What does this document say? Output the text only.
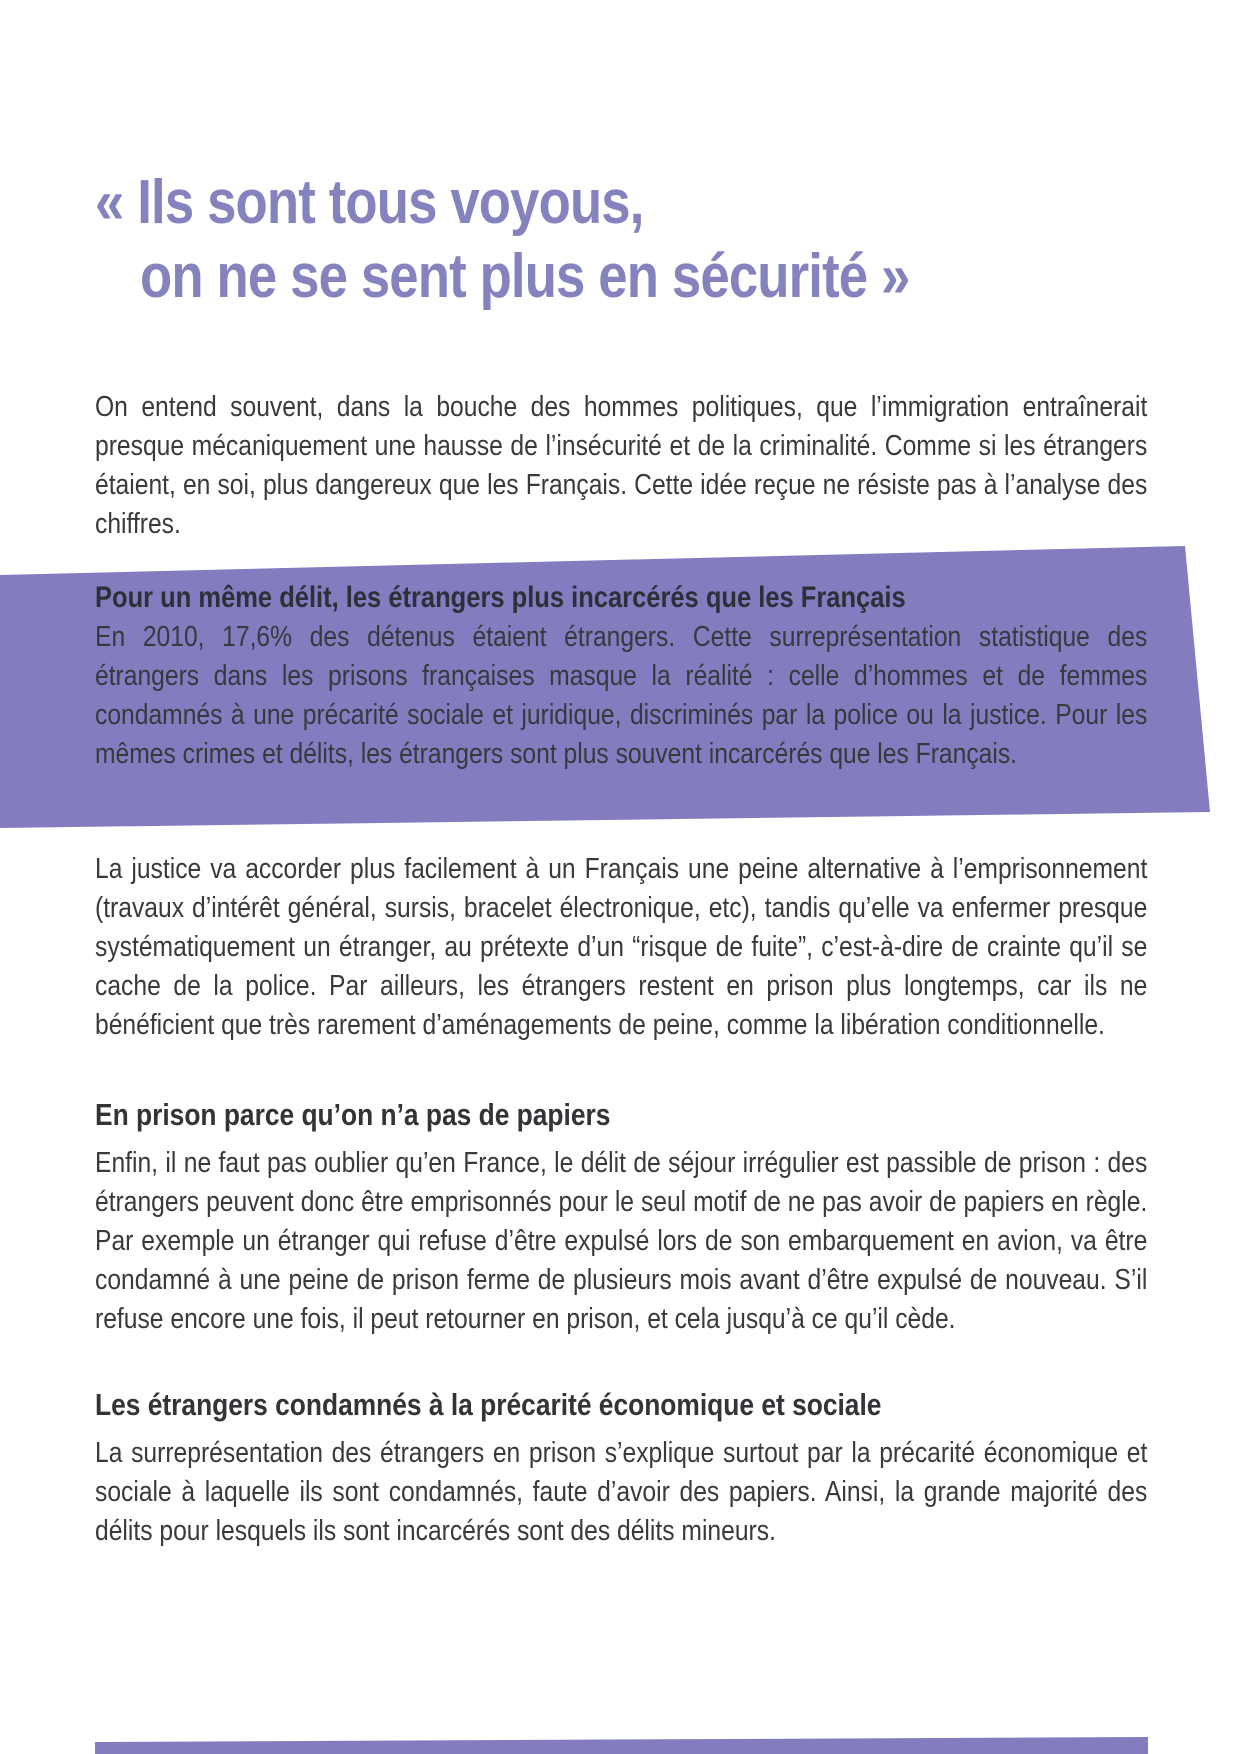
« Ils sont tous voyous,
on ne se sent plus en sécurité »

On entend souvent, dans la bouche des hommes politiques, que l’immigration entraînerait presque mécaniquement une hausse de l’insécurité et de la criminalité. Comme si les étrangers étaient, en soi, plus dangereux que les Français. Cette idée reçue ne résiste pas à l’analyse des chiffres.

Pour un même délit, les étrangers plus incarcérés que les Français

En 2010, 17,6% des détenus étaient étrangers. Cette surreprésentation statistique des étrangers dans les prisons françaises masque la réalité : celle d’hommes et de femmes condamnés à une précarité sociale et juridique, discriminés par la police ou la justice. Pour les mêmes crimes et délits, les étrangers sont plus souvent incarcérés que les Français.

La justice va accorder plus facilement à un Français une peine alternative à l’emprisonnement (travaux d’intérêt général, sursis, bracelet électronique, etc), tandis qu’elle va enfermer presque systématiquement un étranger, au prétexte d’un “risque de fuite”, c’est-à-dire de crainte qu’il se cache de la police. Par ailleurs, les étrangers restent en prison plus longtemps, car ils ne bénéficient que très rarement d’aménagements de peine, comme la libération conditionnelle.

En prison parce qu’on n’a pas de papiers

Enfin, il ne faut pas oublier qu’en France, le délit de séjour irrégulier est passible de prison : des étrangers peuvent donc être emprisonnés pour le seul motif de ne pas avoir de papiers en règle. Par exemple un étranger qui refuse d’être expulsé lors de son embarquement en avion, va être condamné à une peine de prison ferme de plusieurs mois avant d’être expulsé de nouveau. S’il refuse encore une fois, il peut retourner en prison, et cela jusqu’à ce qu’il cède.

Les étrangers condamnés à la précarité économique et sociale

La surreprésentation des étrangers en prison s’explique surtout par la précarité économique et sociale à laquelle ils sont condamnés, faute d’avoir des papiers. Ainsi, la grande majorité des délits pour lesquels ils sont incarcérés sont des délits mineurs.
